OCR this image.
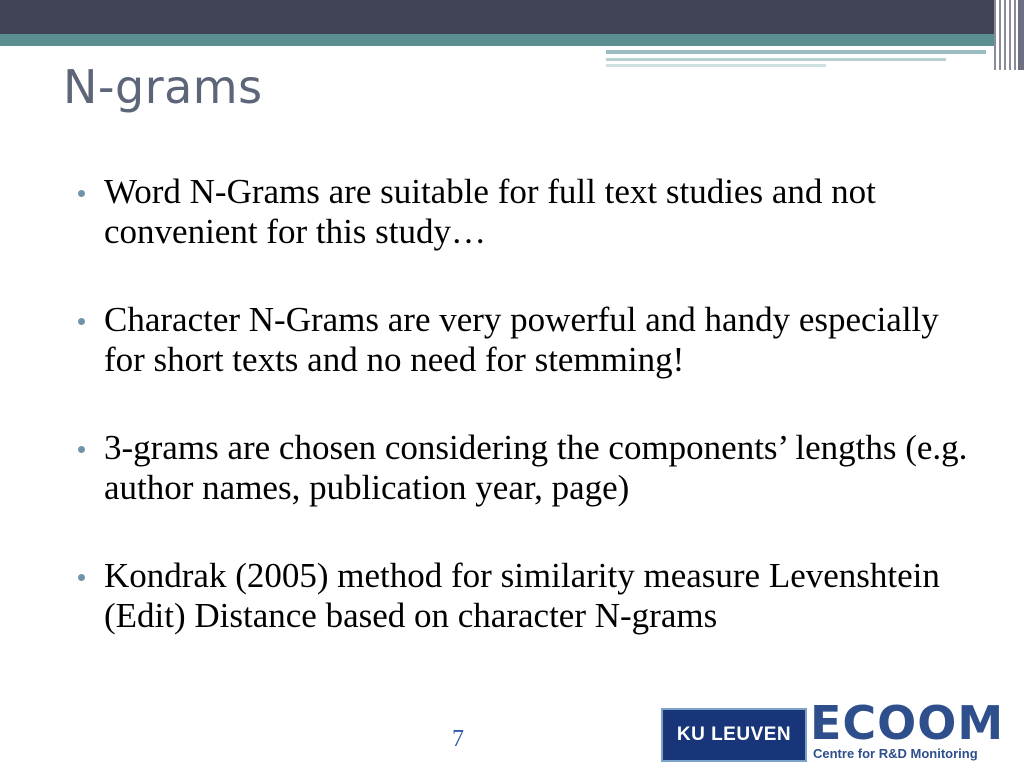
N-grams
Word N-Grams are suitable for full text studies and not convenient for this study…
Character N-Grams are very powerful and handy especially for short texts and no need for stemming!
3-grams are chosen considering the components’ lengths (e.g. author names, publication year, page)
Kondrak (2005) method for similarity measure Levenshtein (Edit) Distance based on character N-grams
7	KU LEUVEN ECOOM
Centre for R&D Monitoring
